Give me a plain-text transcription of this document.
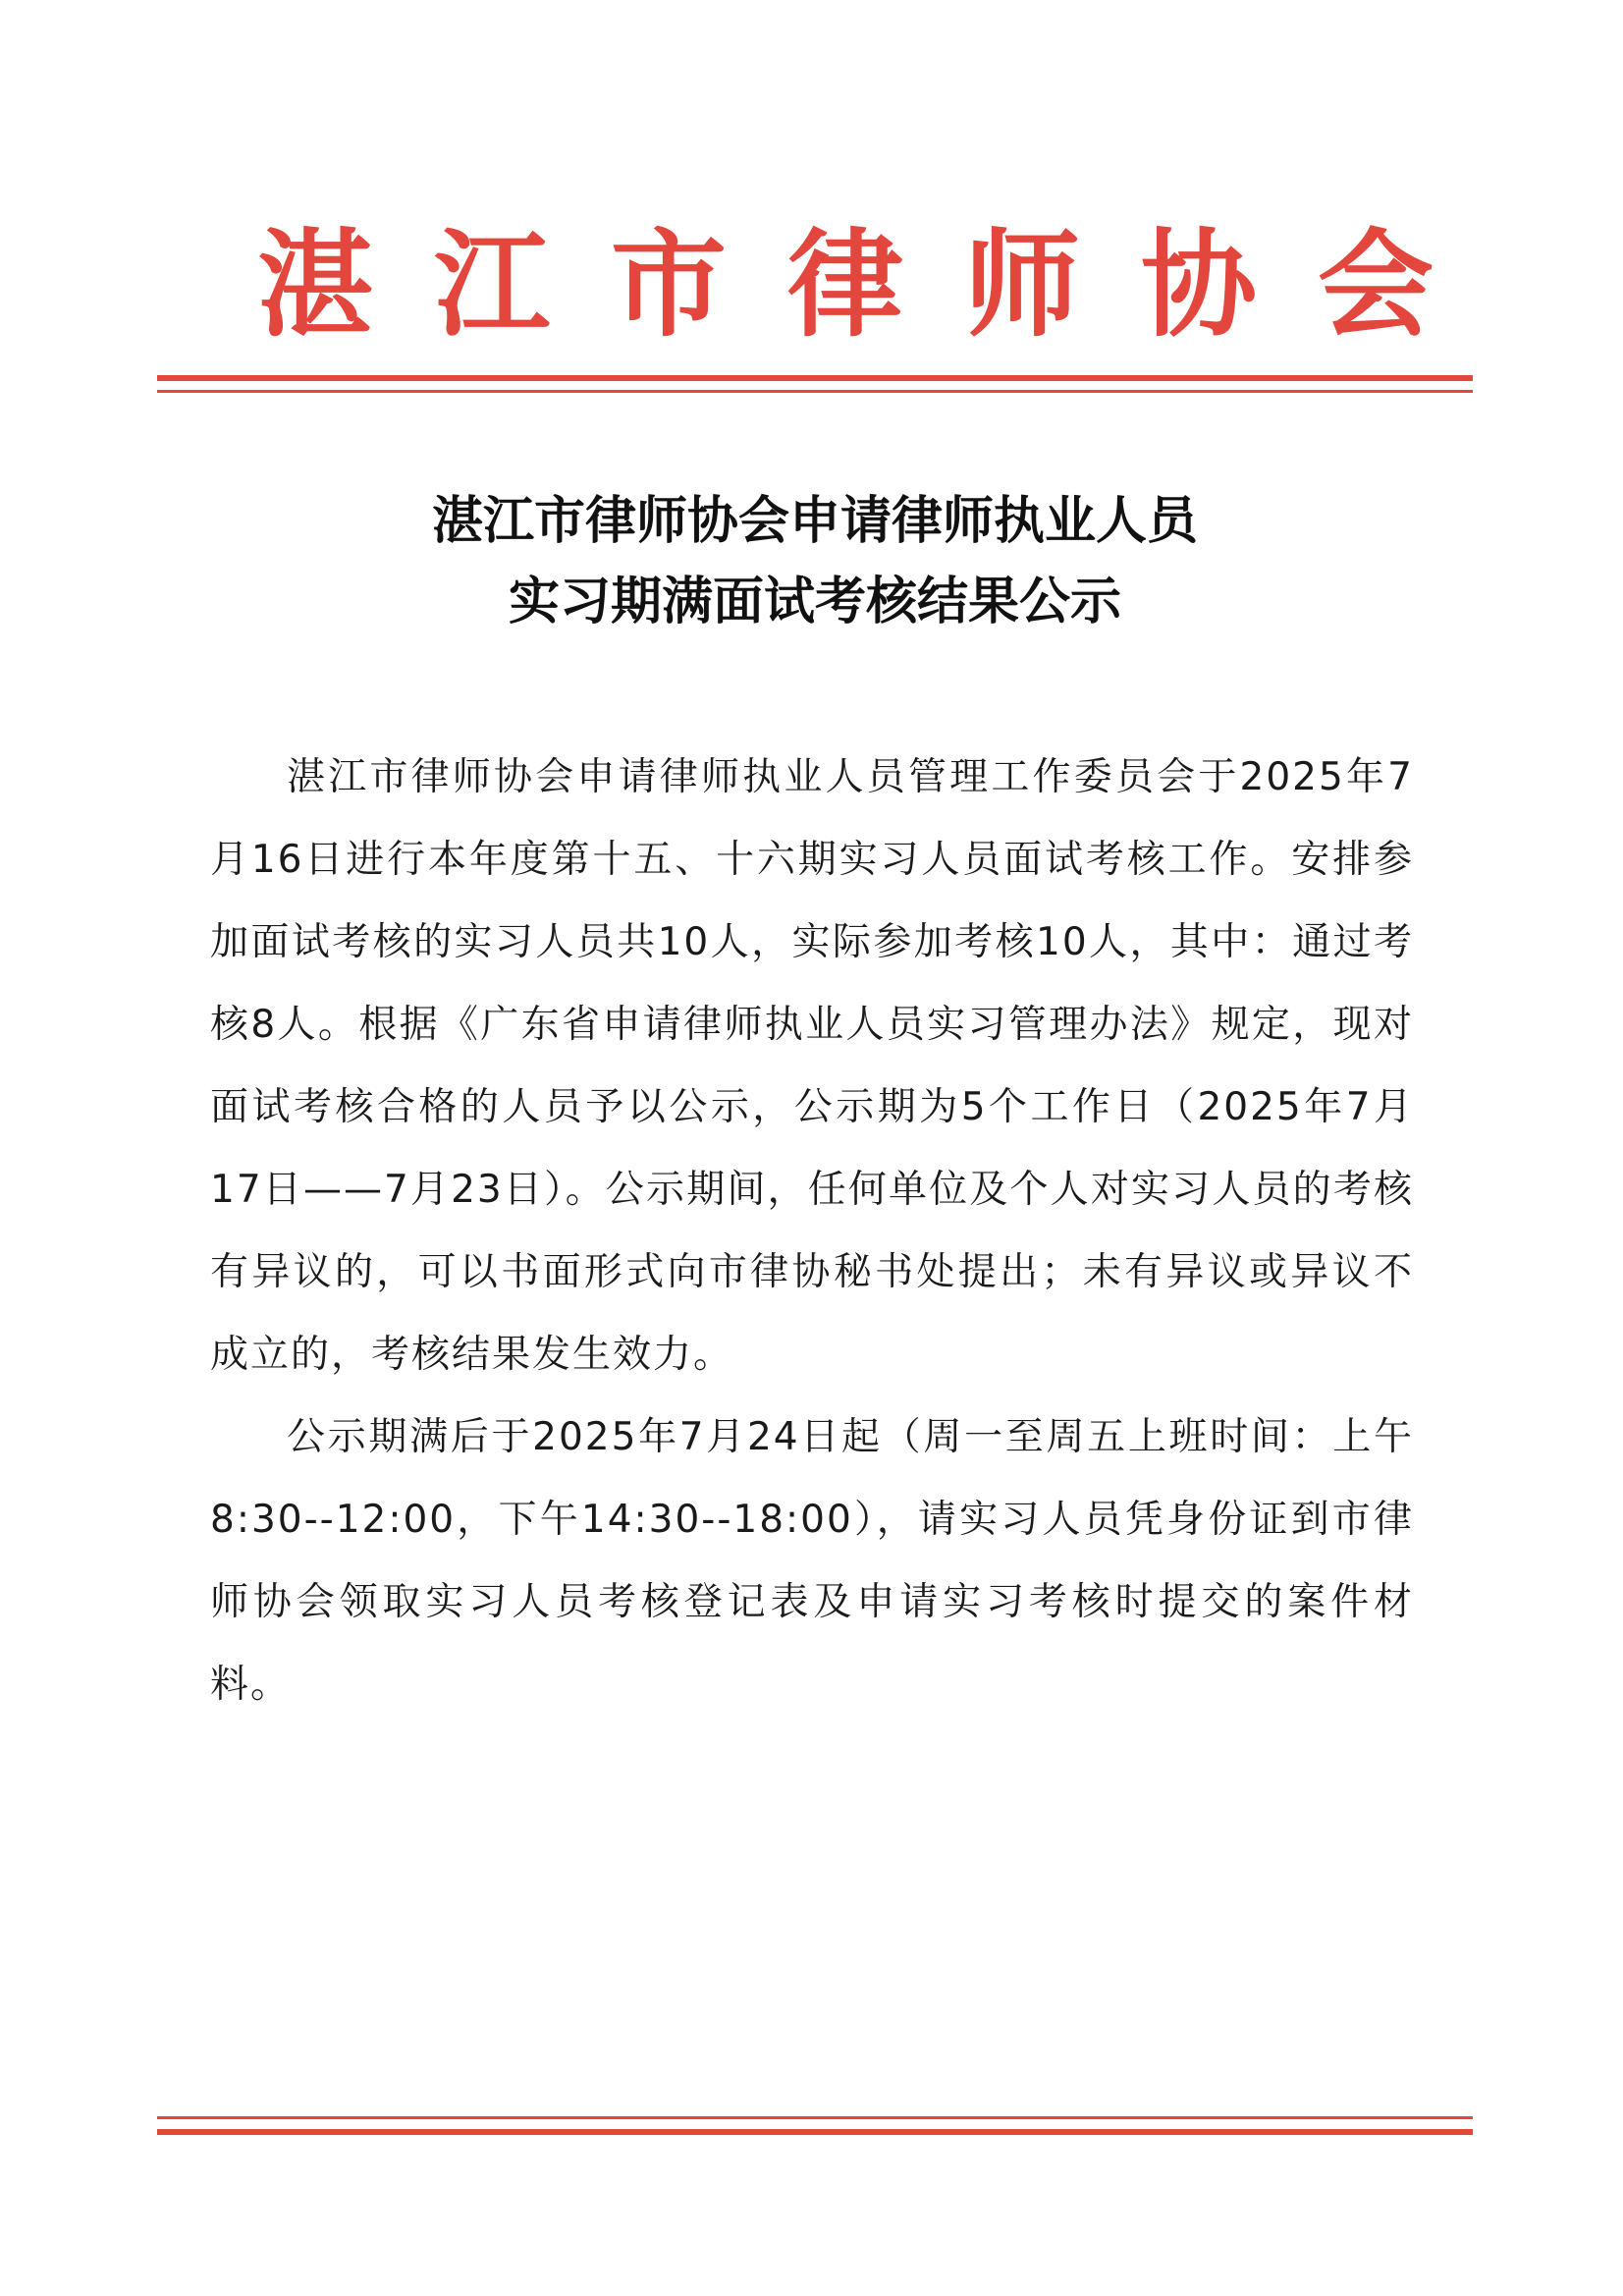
湛江市律师协会
湛江市律师协会申请律师执业人员
实习期满面试考核结果公示

湛江市律师协会申请律师执业人员管理工作委员会于2025年7月16日进行本年度第十五、十六期实习人员面试考核工作。安排参加面试考核的实习人员共10人，实际参加考核10人，其中：通过考核8人。根据《广东省申请律师执业人员实习管理办法》规定，现对面试考核合格的人员予以公示，公示期为5个工作日（2025年7月17日——7月23日）。公示期间，任何单位及个人对实习人员的考核有异议的，可以书面形式向市律协秘书处提出；未有异议或异议不成立的，考核结果发生效力。

公示期满后于2025年7月24日起（周一至周五上班时间：上午8:30--12:00，下午14:30--18:00），请实习人员凭身份证到市律师协会领取实习人员考核登记表及申请实习考核时提交的案件材料。
